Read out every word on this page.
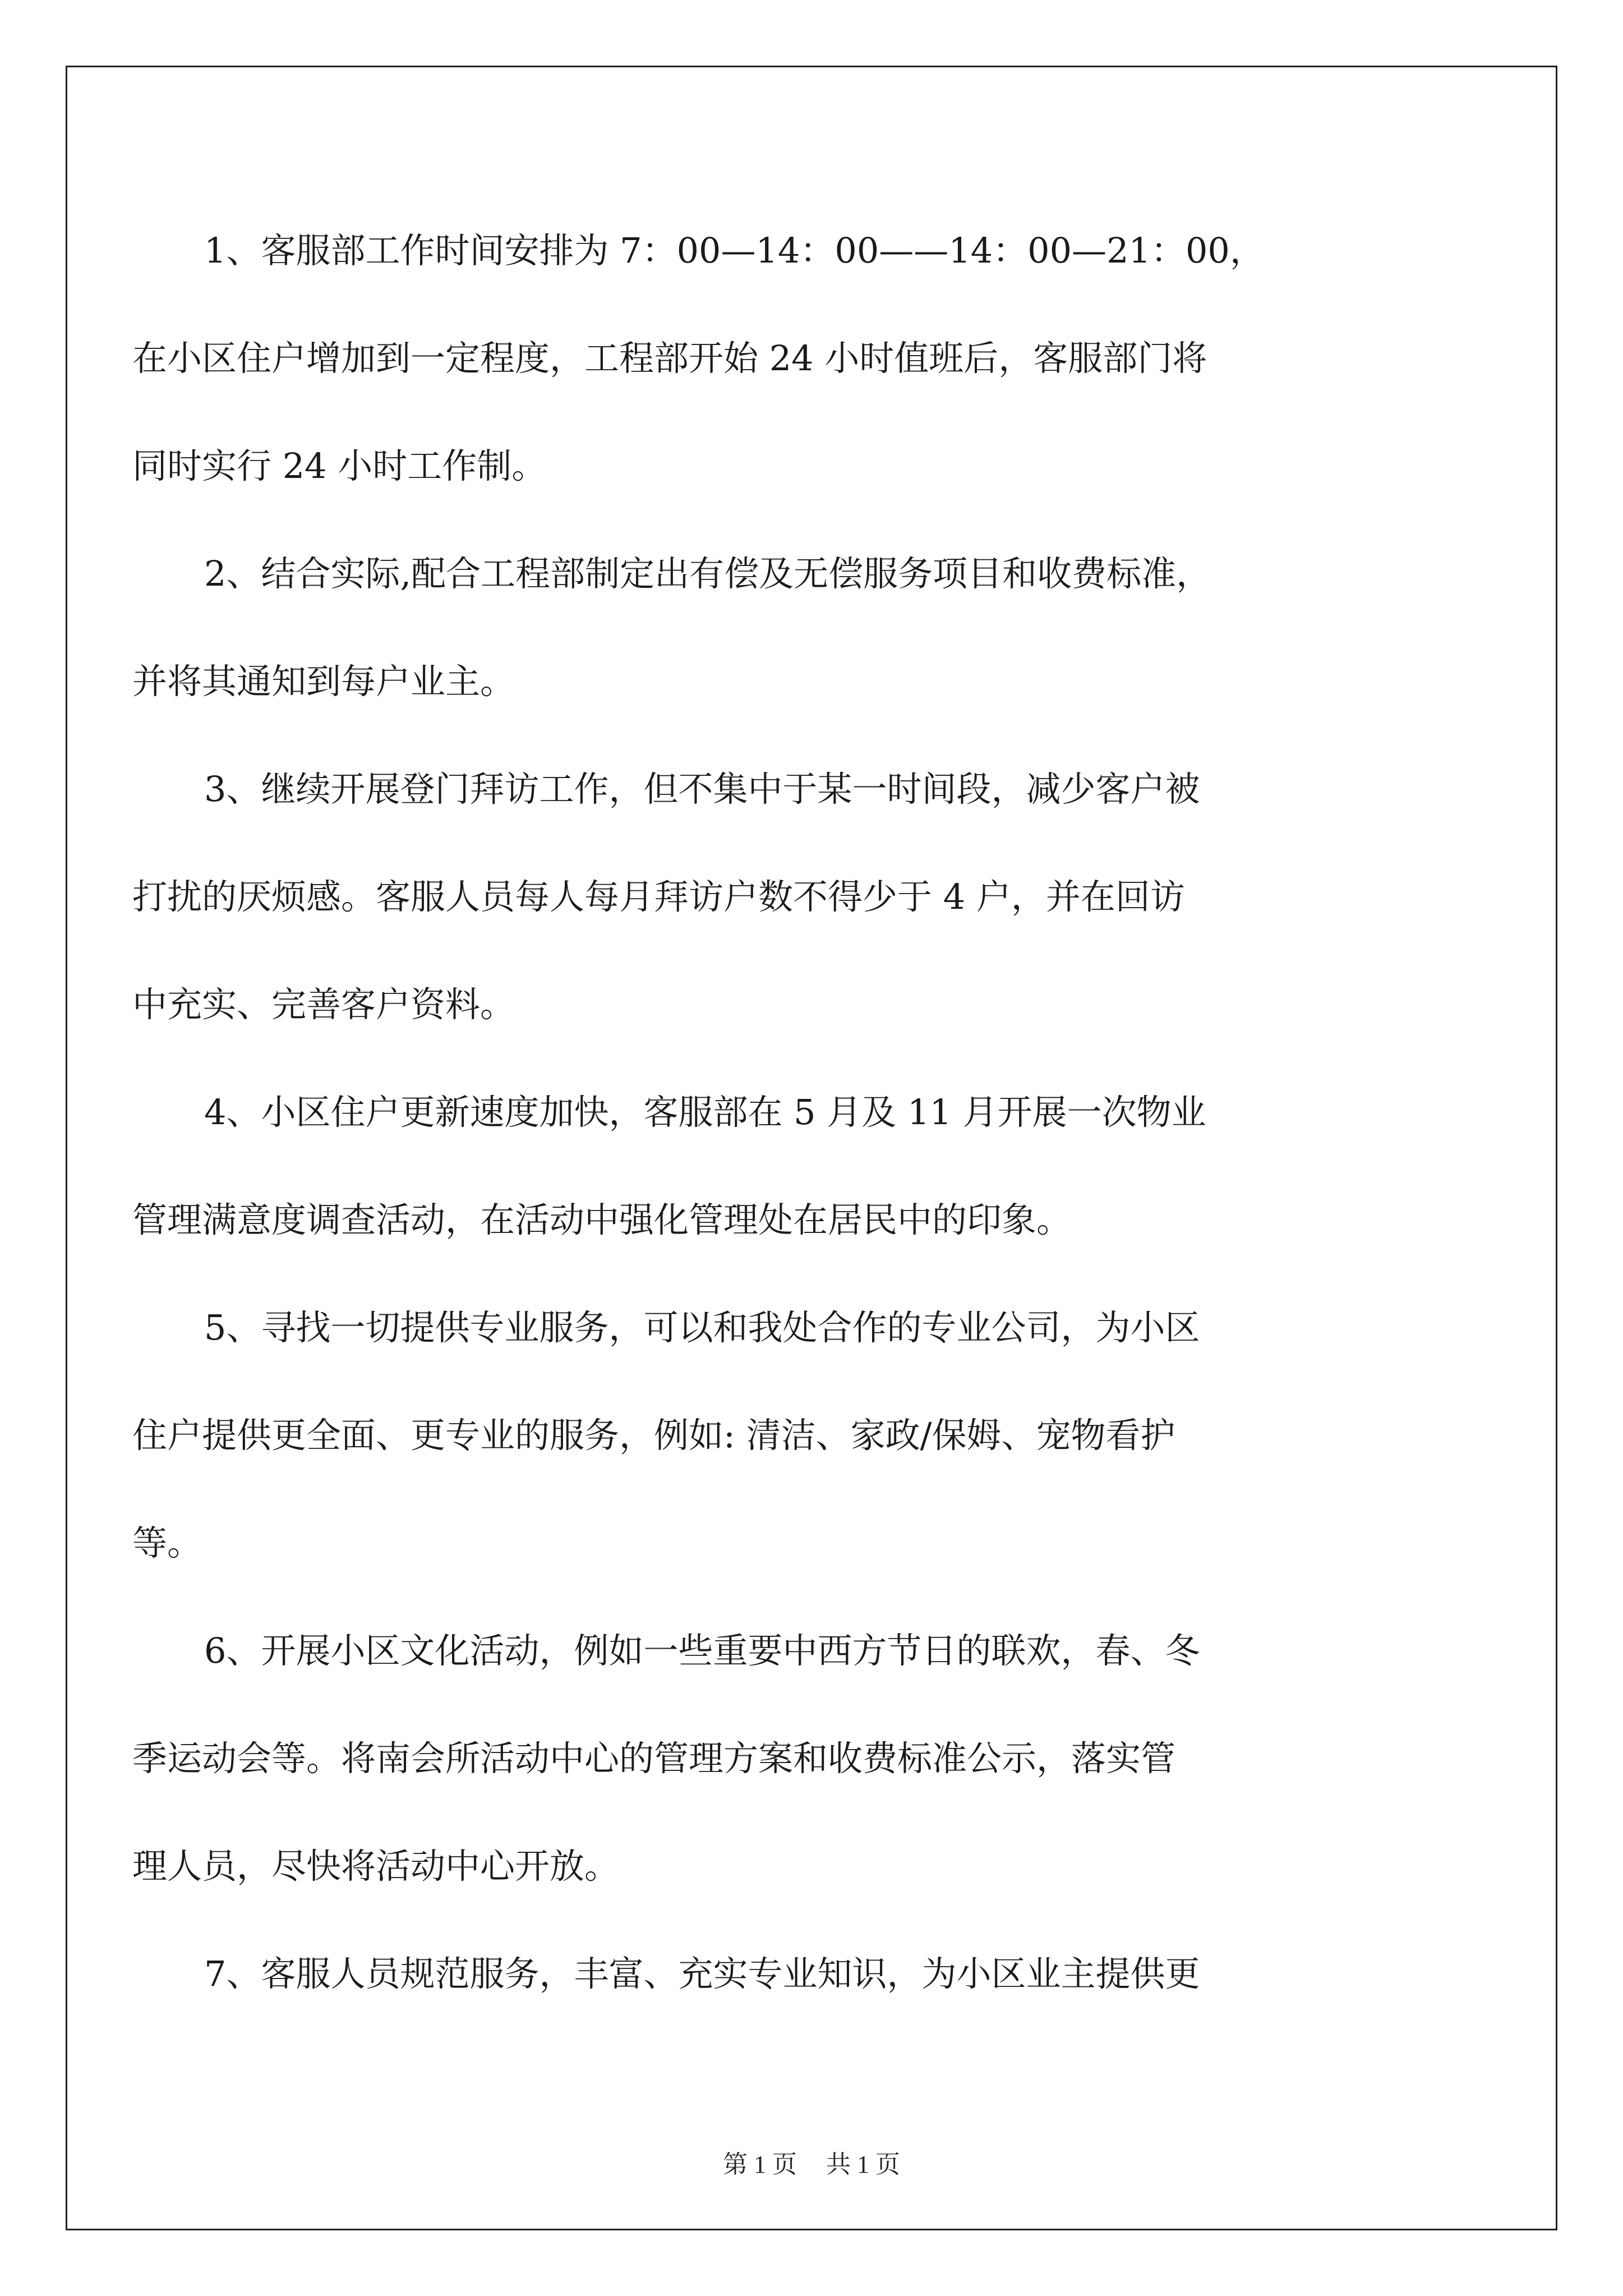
1、客服部工作时间安排为 7：00—14：00——14：00—21：00，
在小区住户增加到一定程度，工程部开始 24 小时值班后，客服部门将
同时实行 24 小时工作制。
2、结合实际,配合工程部制定出有偿及无偿服务项目和收费标准，
并将其通知到每户业主。
3、继续开展登门拜访工作，但不集中于某一时间段，减少客户被
打扰的厌烦感。客服人员每人每月拜访户数不得少于 4 户，并在回访
中充实、完善客户资料。
4、小区住户更新速度加快，客服部在 5 月及 11 月开展一次物业
管理满意度调查活动，在活动中强化管理处在居民中的印象。
5、寻找一切提供专业服务，可以和我处合作的专业公司，为小区
住户提供更全面、更专业的服务，例如: 清洁、家政/保姆、宠物看护
等。
6、开展小区文化活动，例如一些重要中西方节日的联欢，春、冬
季运动会等。将南会所活动中心的管理方案和收费标准公示，落实管
理人员，尽快将活动中心开放。
7、客服人员规范服务，丰富、充实专业知识，为小区业主提供更
第 1 页 共 1 页
